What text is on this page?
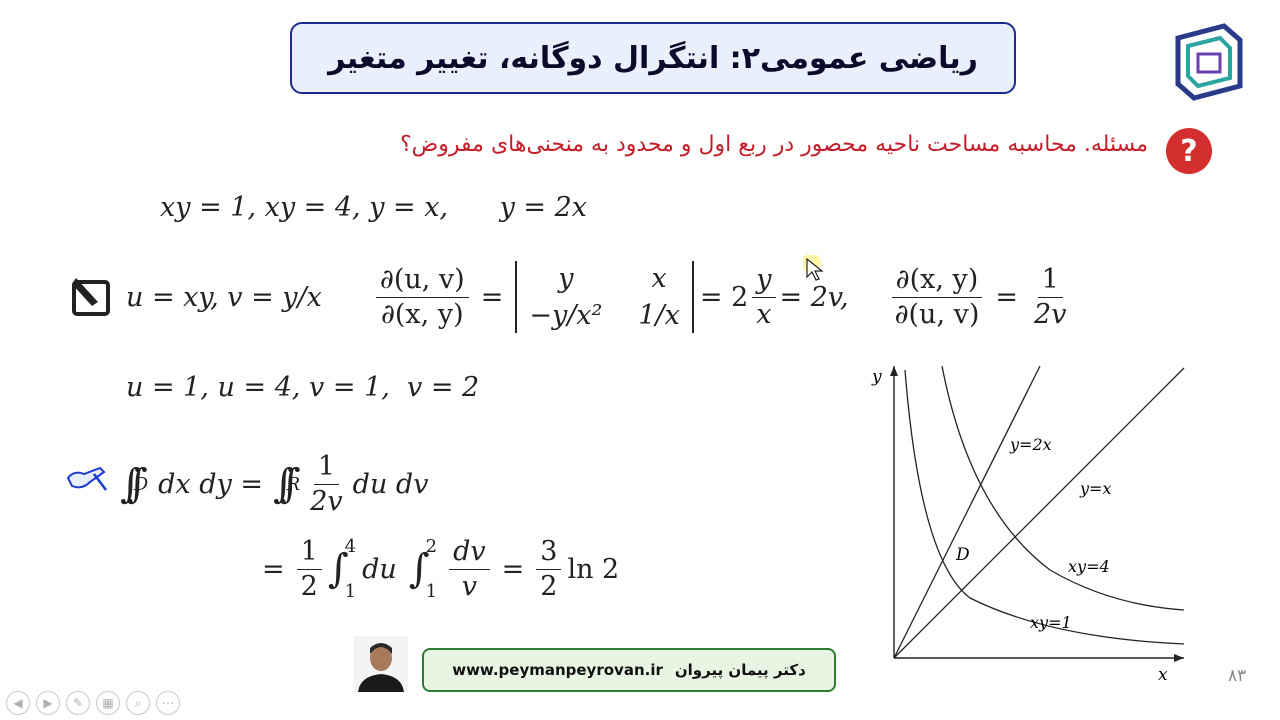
ریاضی عمومی۲: انتگرال دوگانه، تغییر متغیر
?
مسئله. محاسبه مساحت ناحیه محصور در ربع اول و محدود به منحنی‌های مفروض؟
xy = 1, xy = 4, y = x,      y = 2x
u = xy, $v = y/x \frac{\partial(u, v)}{\partial(x, y)}$ =
y	x
−y/x² 1/x
= $2 \frac{y}{x} = 2v$, $\frac{\partial(x, y)}{\partial(u, v)} = \frac{1}{2v}$
u = 1, u = 4, v = 1,  v = 2
∫∫ D dx dy = ∫∫ R $\frac{1}{2v}$ du dv
= $\frac{1}{2}$ ∫
4
1
du ∫
2
$1 \frac{dv}{v} = \frac{3}{2}$ ln 2
y
x
y=2x
y=x
xy=4
xy=1
D
www.peymanpeyrovan.ir دکتر پیمان پیروان	۸۳
◀	▶	✎	▦	⌕	⋯
